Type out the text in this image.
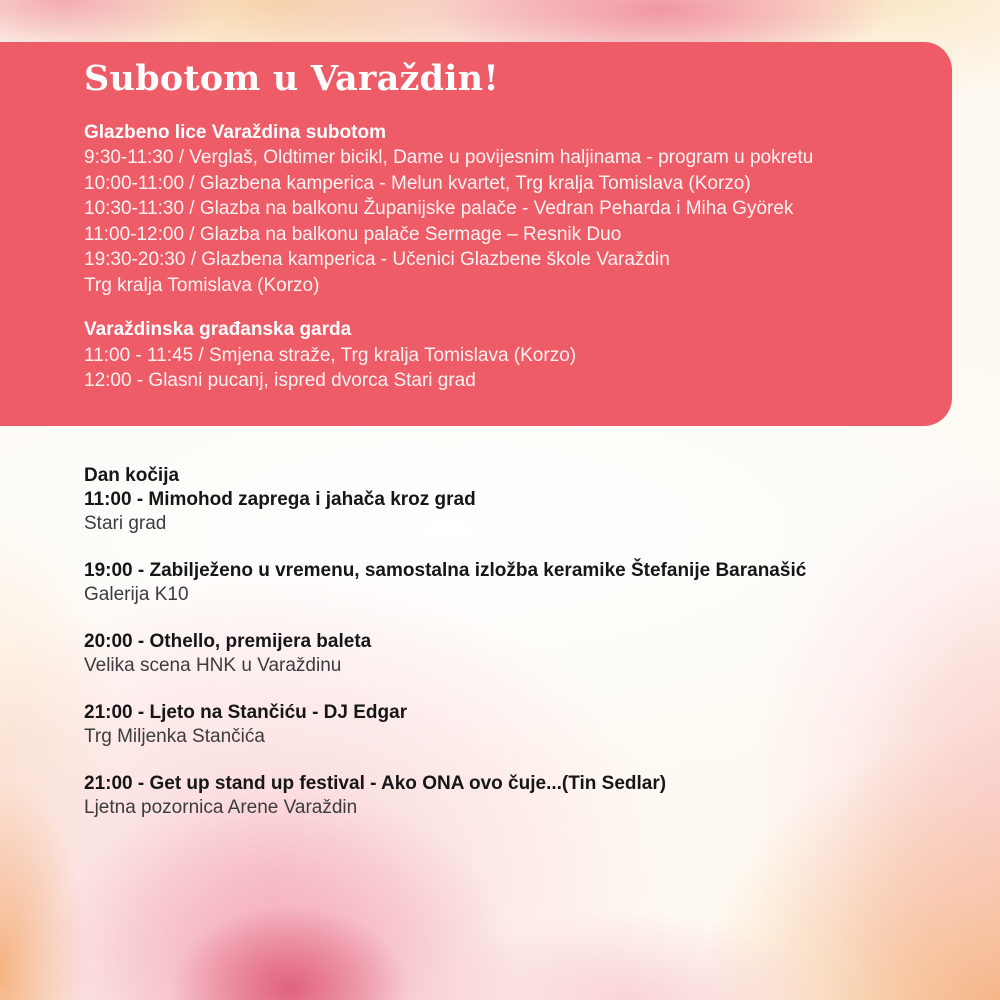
Subotom u Varaždin!

Glazbeno lice Varaždina subotom

9:30-11:30 / Verglaš, Oldtimer bicikl, Dame u povijesnim haljinama - program u pokretu

10:00-11:00 / Glazbena kamperica - Melun kvartet, Trg kralja Tomislava (Korzo)

10:30-11:30 / Glazba na balkonu Županijske palače - Vedran Peharda i Miha Györek

11:00-12:00 / Glazba na balkonu palače Sermage – Resnik Duo

19:30-20:30 / Glazbena kamperica - Učenici Glazbene škole Varaždin

Trg kralja Tomislava (Korzo)

Varaždinska građanska garda

11:00 - 11:45 / Smjena straže, Trg kralja Tomislava (Korzo)

12:00 - Glasni pucanj, ispred dvorca Stari grad

Dan kočija

11:00 - Mimohod zaprega i jahača kroz grad

Stari grad

19:00 - Zabilježeno u vremenu, samostalna izložba keramike Štefanije Baranašić

Galerija K10

20:00 - Othello, premijera baleta

Velika scena HNK u Varaždinu

21:00 - Ljeto na Stančiću - DJ Edgar

Trg Miljenka Stančića

21:00 - Get up stand up festival - Ako ONA ovo čuje...(Tin Sedlar)

Ljetna pozornica Arene Varaždin
